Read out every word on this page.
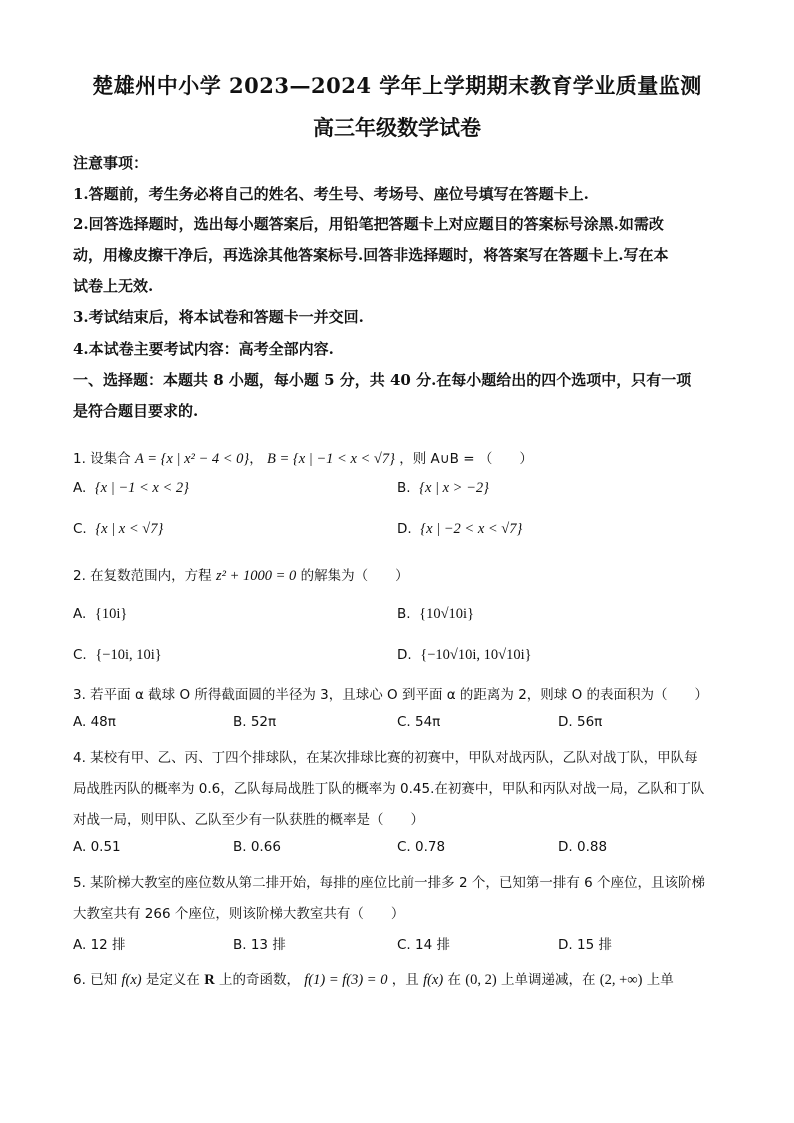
楚雄州中小学 2023—2024 学年上学期期末教育学业质量监测
高三年级数学试卷
注意事项：
1.答题前，考生务必将自己的姓名、考生号、考场号、座位号填写在答题卡上.
2.回答选择题时，选出每小题答案后，用铅笔把答题卡上对应题目的答案标号涂黑.如需改
动，用橡皮擦干净后，再选涂其他答案标号.回答非选择题时，将答案写在答题卡上.写在本
试卷上无效.
3.考试结束后，将本试卷和答题卡一并交回.
4.本试卷主要考试内容：高考全部内容.
一、选择题：本题共 8 小题，每小题 5 分，共 40 分.在每小题给出的四个选项中，只有一项
是符合题目要求的.
1. 设集合 A = {x | x² − 4 < 0}， B = {x | −1 < x < √7} ，则 A∪B = （　　）
A.  {x | −1 < x < 2}	B.  {x | x > −2}
C.  {x | x < √7}	D.  {x | −2 < x < √7}
2. 在复数范围内，方程 z² + 1000 = 0 的解集为（　　）
A.  {10i}	B.  {10√10i}
C.  {−10i, 10i}	D.  {−10√10i, 10√10i}
3. 若平面 α 截球 O 所得截面圆的半径为 3，且球心 O 到平面 α 的距离为 2，则球 O 的表面积为（　　）
A. 48π	B. 52π	C. 54π	D. 56π
4. 某校有甲、乙、丙、丁四个排球队，在某次排球比赛的初赛中，甲队对战丙队，乙队对战丁队，甲队每
局战胜丙队的概率为 0.6，乙队每局战胜丁队的概率为 0.45.在初赛中，甲队和丙队对战一局，乙队和丁队
对战一局，则甲队、乙队至少有一队获胜的概率是（　　）
A. 0.51	B. 0.66	C. 0.78	D. 0.88
5. 某阶梯大教室的座位数从第二排开始，每排的座位比前一排多 2 个，已知第一排有 6 个座位，且该阶梯
大教室共有 266 个座位，则该阶梯大教室共有（　　）
A. 12 排	B. 13 排	C. 14 排	D. 15 排
6. 已知 f(x) 是定义在 R 上的奇函数， f(1) = f(3) = 0 ，且 f(x) 在 (0, 2) 上单调递减，在 (2, +∞) 上单
